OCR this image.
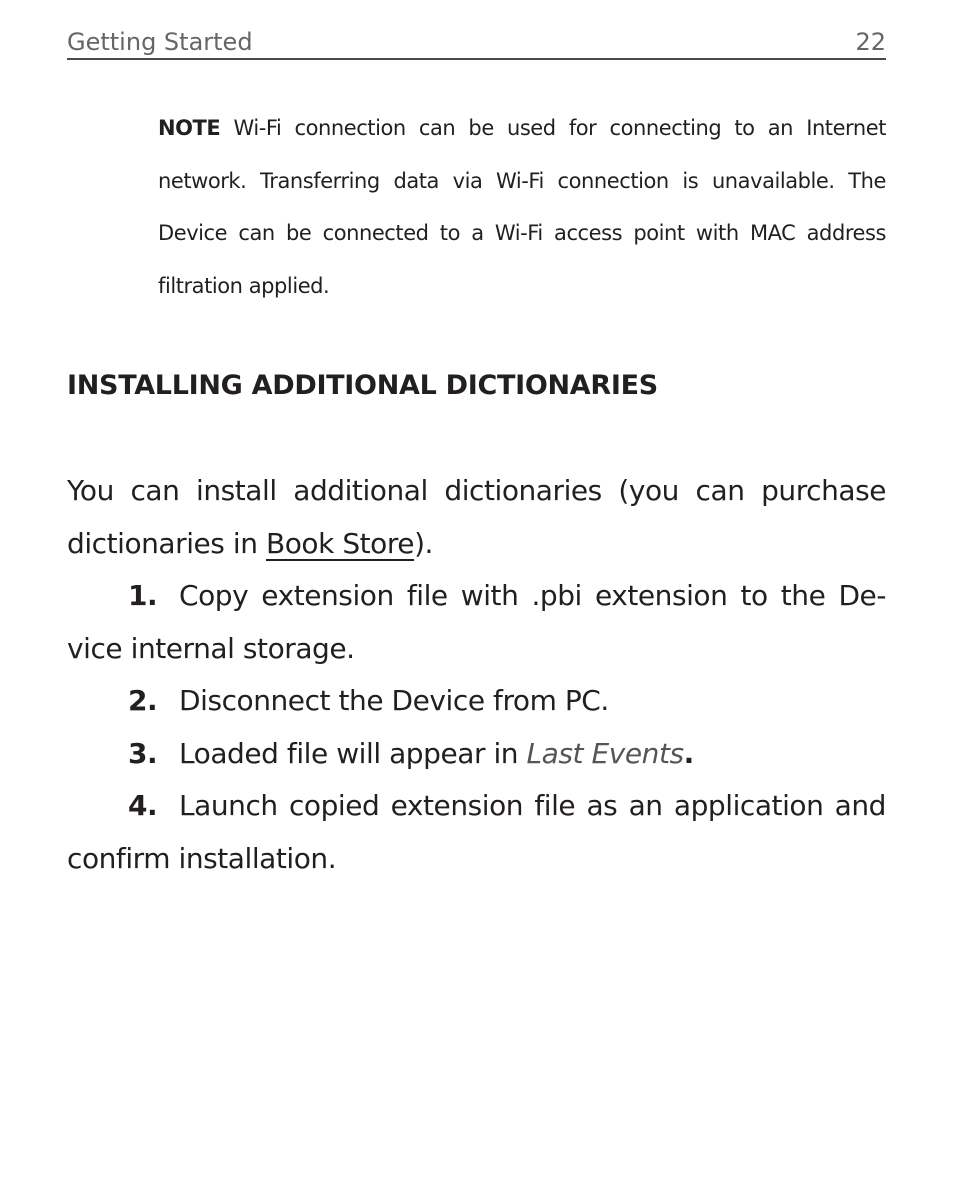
Getting Started	22
NOTE Wi-Fi connection can be used for connecting to an Internet network. Transferring data via Wi-Fi connection is unavailable. The Device can be connected to a Wi-Fi access point with MAC address filtration applied.
INSTALLING ADDITIONAL DICTIONARIES

You can install additional dictionaries (you can purchase dictionaries in Book Store).

1. Copy extension file with .pbi extension to the De-vice internal storage.

2. Disconnect the Device from PC.

3. Loaded file will appear in Last Events.

4. Launch copied extension file as an application and confirm installation.
